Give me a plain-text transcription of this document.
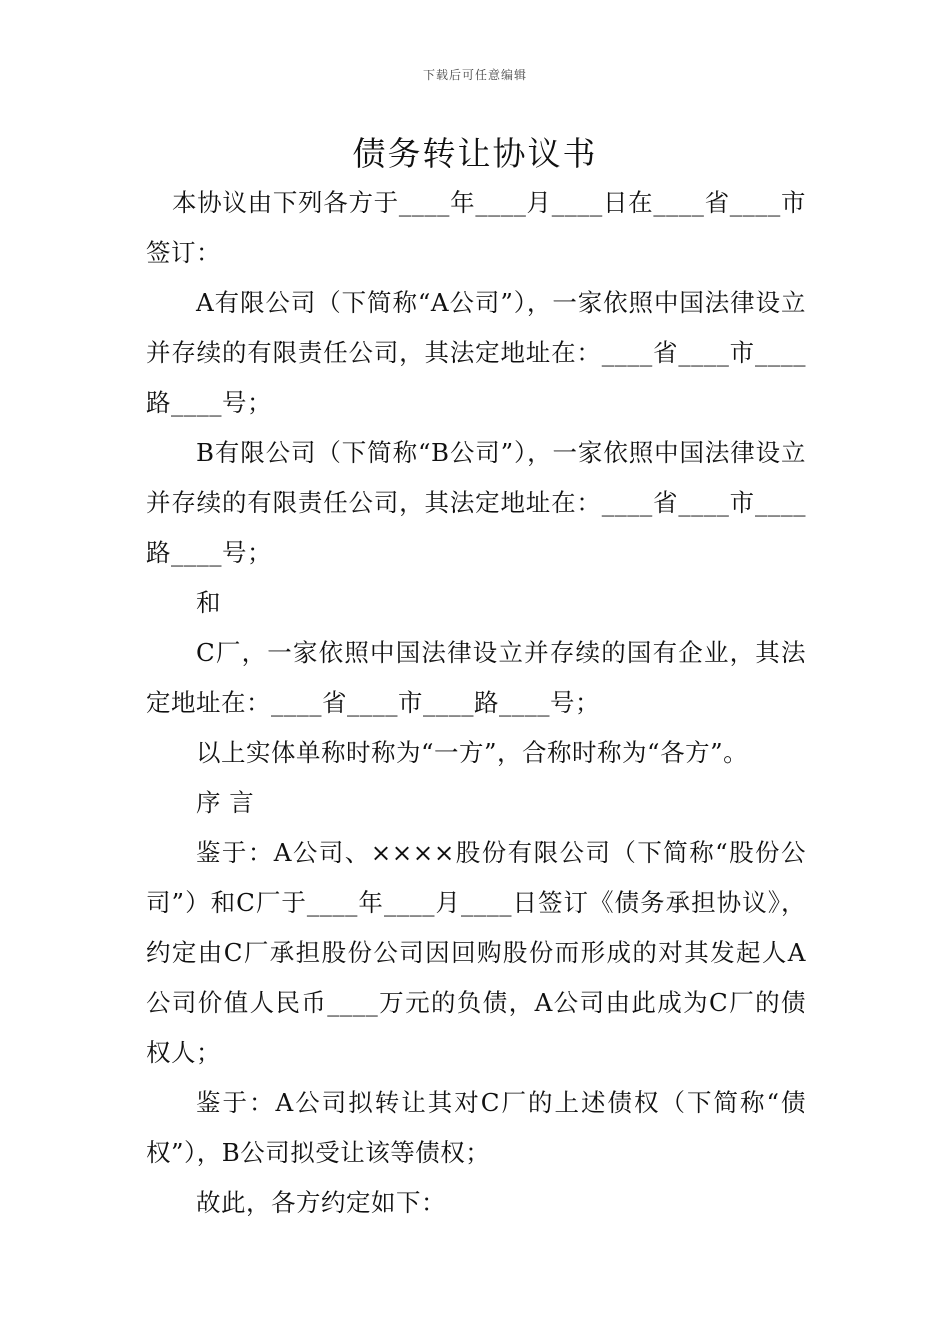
下载后可任意编辑
债务转让协议书

本协议由下列各方于____年____月____日在____省____市签订：

A有限公司（下简称“A公司”），一家依照中国法律设立并存续的有限责任公司，其法定地址在：____省____市____路____号；

B有限公司（下简称“B公司”），一家依照中国法律设立并存续的有限责任公司，其法定地址在：____省____市____路____号；

和

C厂，一家依照中国法律设立并存续的国有企业，其法定地址在：____省____市____路____号；

以上实体单称时称为“一方”，合称时称为“各方”。

序 言

鉴于：A公司、××××股份有限公司（下简称“股份公司”）和C厂于____年____月____日签订《债务承担协议》，约定由C厂承担股份公司因回购股份而形成的对其发起人A公司价值人民币____万元的负债，A公司由此成为C厂的债权人；

鉴于：A公司拟转让其对C厂的上述债权（下简称“债权”），B公司拟受让该等债权；

故此，各方约定如下：
